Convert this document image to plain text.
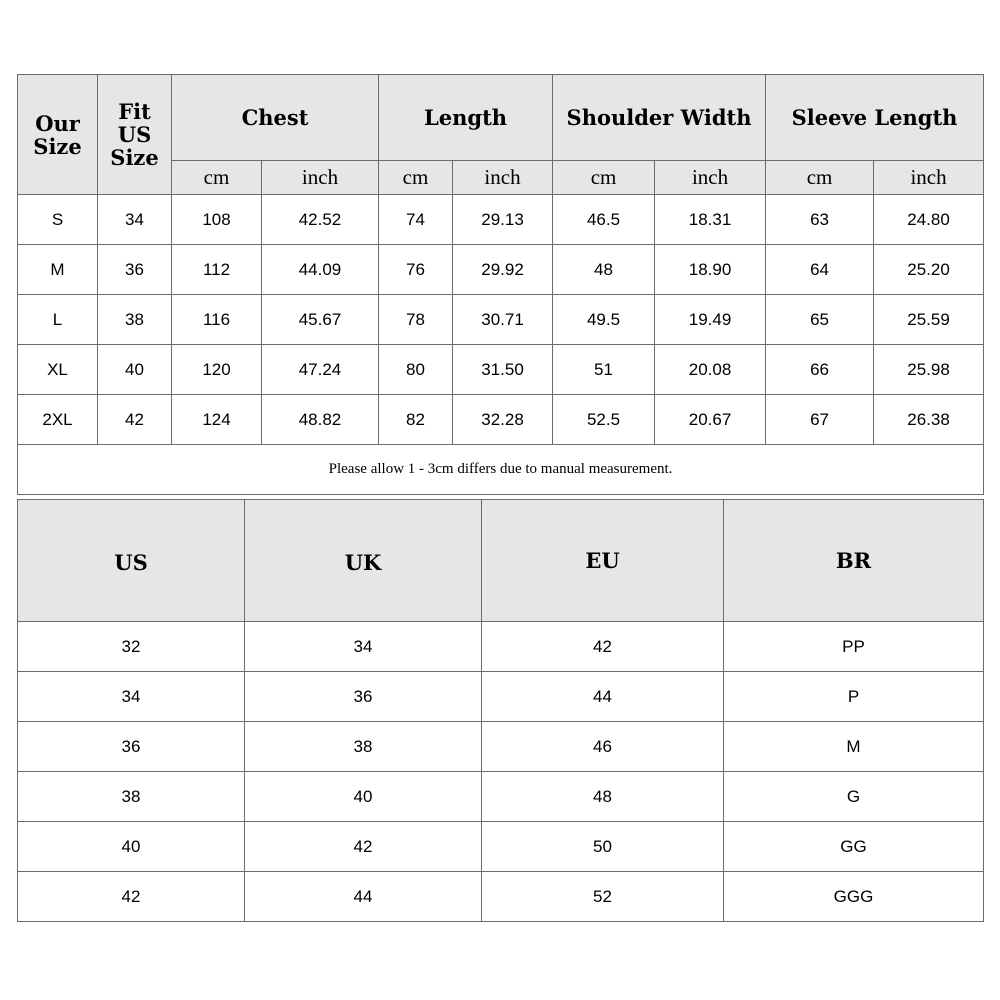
Our Size	Fit US Size	Chest		Length		Shoulder Width		Sleeve Length	
		cm	inch	cm	inch	cm	inch	cm	inch
S	34	108	42.52	74	29.13	46.5	18.31	63	24.80
M	36	112	44.09	76	29.92	48	18.90	64	25.20
L	38	116	45.67	78	30.71	49.5	19.49	65	25.59
XL	40	120	47.24	80	31.50	51	20.08	66	25.98
2XL	42	124	48.82	82	32.28	52.5	20.67	67	26.38
Please allow 1 - 3cm differs due to manual measurement.									
US	UK	EU	BR
32	34	42	PP
34	36	44	P
36	38	46	M
38	40	48	G
40	42	50	GG
42	44	52	GGG
